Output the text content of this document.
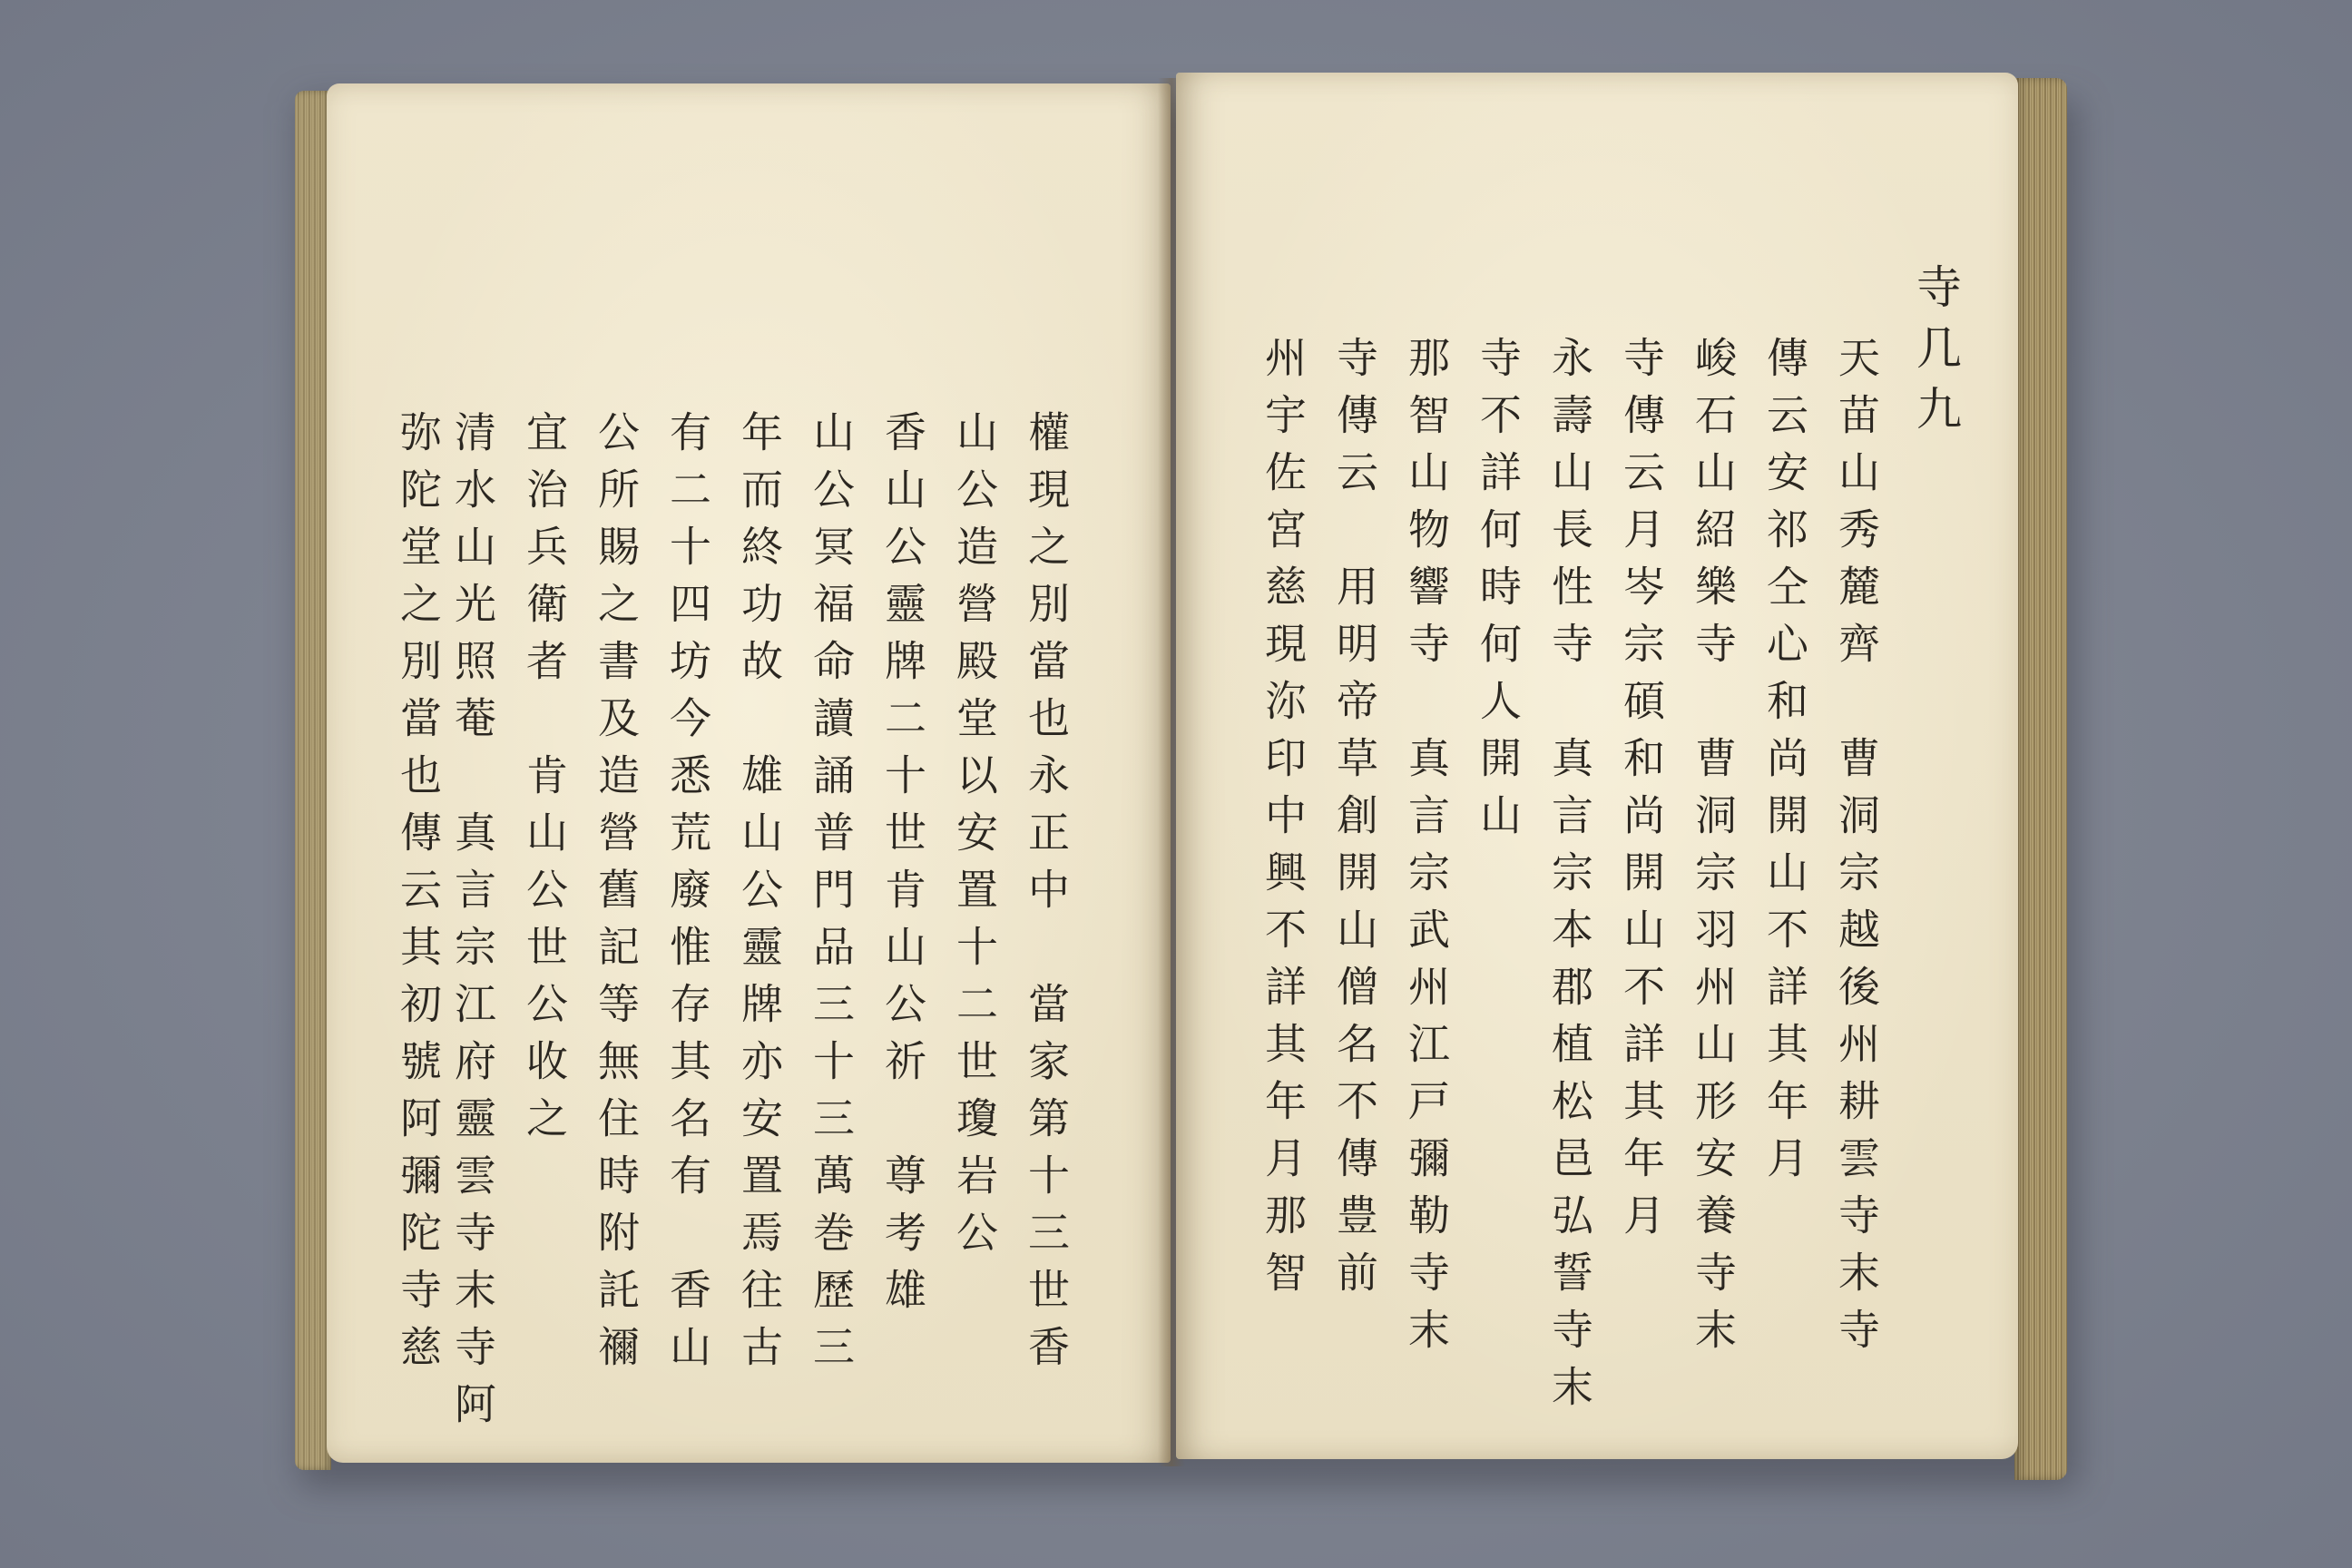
權現之別當也永正中　當家第十三世香
山公造營殿堂以安置十二世瓊岩公
香山公靈牌二十世肯山公祈　尊考雄
山公冥福命讀誦普門品三十三萬巻歷三
年而終功故　雄山公靈牌亦安置焉往古
有二十四坊今悉荒廢惟存其名有　香山
公所賜之書及造營舊記等無住時附託禰
宜治兵衛者　肯山公世公收之
清水山光照菴　真言宗江府靈雲寺末寺阿
弥陀堂之別當也傳云其初號阿彌陀寺慈
寺几九
天苗山秀麓齊　曹洞宗越後州耕雲寺末寺
傳云安祁仝心和尚開山不詳其年月
峻石山紹樂寺　曹洞宗羽州山形安養寺末
寺傳云月岑宗碩和尚開山不詳其年月
永壽山長性寺　真言宗本郡植松邑弘誓寺末
寺不詳何時何人開山
那智山物響寺　真言宗武州江戸彌勒寺末
寺傳云　用明帝草創開山僧名不傳豊前
州宇佐宮慈現沵印中興不詳其年月那智
